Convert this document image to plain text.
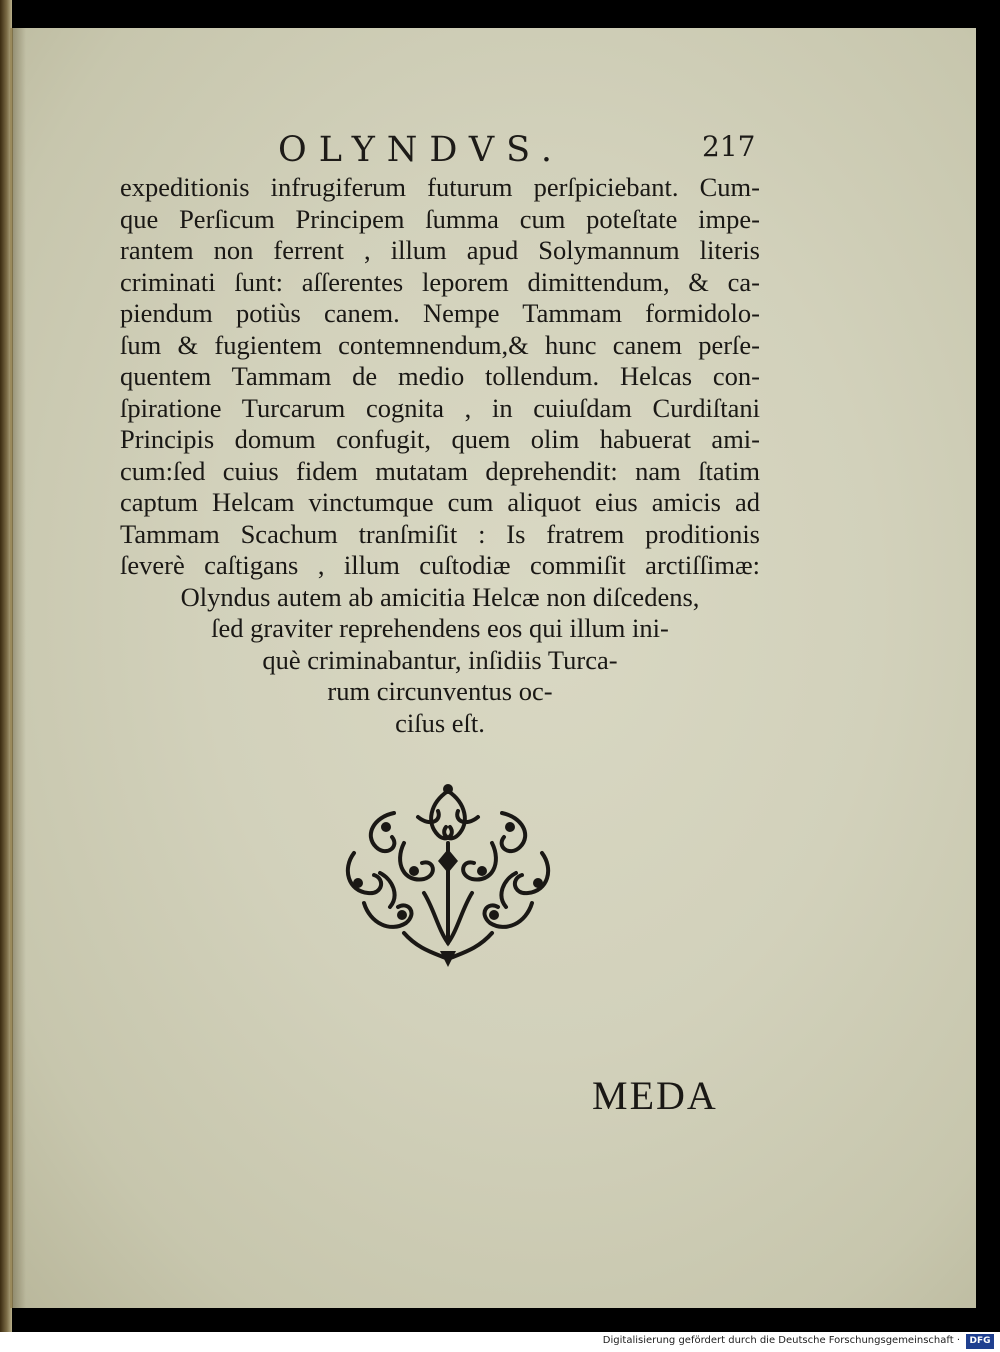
OLYNDVS.	217
expeditionis infrugiferum futurum perſpiciebant. Cum-
que Perſicum Principem ſumma cum poteſtate impe-
rantem non ferrent , illum apud Solymannum literis
criminati ſunt: aſſerentes leporem dimittendum, & ca-
piendum potiùs canem. Nempe Tammam formidolo-
ſum & fugientem contemnendum,& hunc canem perſe-
quentem Tammam de medio tollendum. Helcas con-
ſpiratione Turcarum cognita , in cuiuſdam Curdiſtani
Principis domum confugit, quem olim habuerat ami-
cum:ſed cuius fidem mutatam deprehendit: nam ſtatim
captum Helcam vinctumque cum aliquot eius amicis ad
Tammam Scachum tranſmiſit : Is fratrem proditionis
ſeverè caſtigans , illum cuſtodiæ commiſit arctiſſimæ:
Olyndus autem ab amicitia Helcæ non diſcedens,
ſed graviter reprehendens eos qui illum ini-
què criminabantur, inſidiis Turca-
rum circunventus oc-
ciſus eſt.
MEDA
Digitalisierung gefördert durch die Deutsche Forschungsgemeinschaft ·	DFG
